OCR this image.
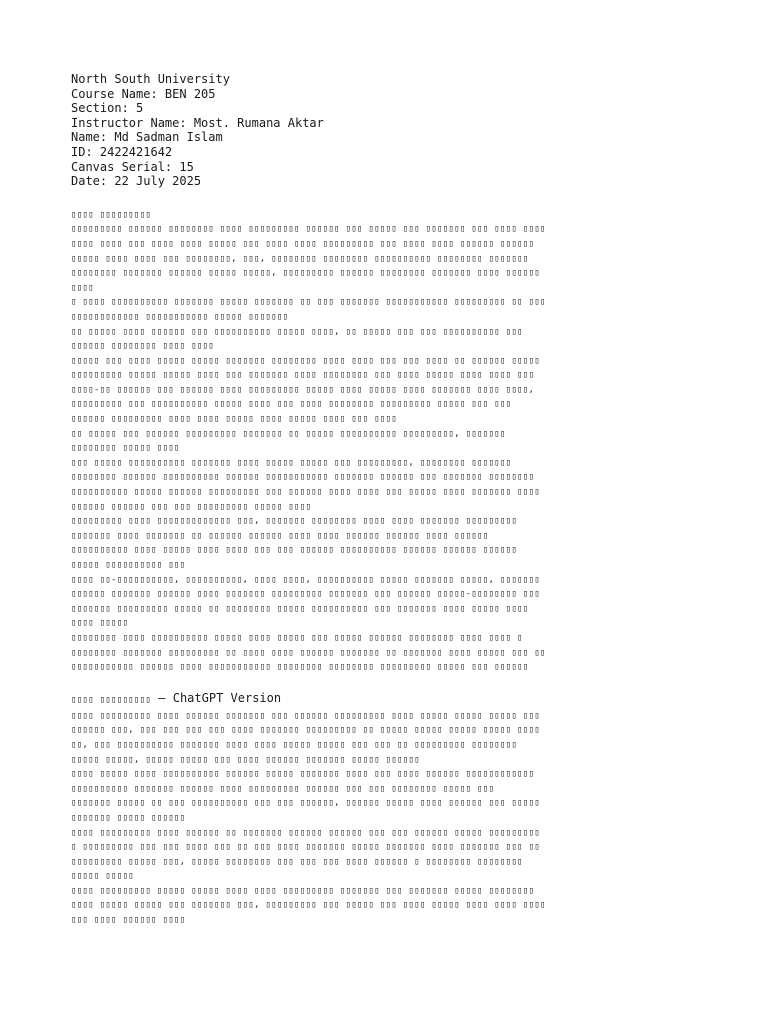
North South University
Course Name: BEN 205
Section: 5
Instructor Name: Most. Rumana Aktar
Name: Md Sadman Islam
ID: 2422421642
Canvas Serial: 15
Date: 22 July 2025
▯▯▯▯ ▯▯▯▯▯▯▯▯▯
▯▯▯▯▯▯▯▯▯ ▯▯▯▯▯▯ ▯▯▯▯▯▯▯▯ ▯▯▯▯ ▯▯▯▯▯▯▯▯▯ ▯▯▯▯▯▯ ▯▯▯ ▯▯▯▯▯ ▯▯▯ ▯▯▯▯▯▯▯ ▯▯▯ ▯▯▯▯ ▯▯▯▯
▯▯▯▯ ▯▯▯▯ ▯▯▯ ▯▯▯▯ ▯▯▯▯ ▯▯▯▯▯ ▯▯▯ ▯▯▯▯ ▯▯▯▯ ▯▯▯▯▯▯▯▯▯ ▯▯▯ ▯▯▯▯ ▯▯▯▯ ▯▯▯▯▯▯ ▯▯▯▯▯▯
▯▯▯▯▯ ▯▯▯▯ ▯▯▯▯ ▯▯▯ ▯▯▯▯▯▯▯▯, ▯▯▯, ▯▯▯▯▯▯▯▯ ▯▯▯▯▯▯▯▯ ▯▯▯▯▯▯▯▯▯▯ ▯▯▯▯▯▯▯▯ ▯▯▯▯▯▯▯
▯▯▯▯▯▯▯▯ ▯▯▯▯▯▯▯ ▯▯▯▯▯▯ ▯▯▯▯▯ ▯▯▯▯▯, ▯▯▯▯▯▯▯▯▯ ▯▯▯▯▯▯ ▯▯▯▯▯▯▯▯ ▯▯▯▯▯▯▯ ▯▯▯▯ ▯▯▯▯▯▯
▯▯▯▯
▯ ▯▯▯▯ ▯▯▯▯▯▯▯▯▯▯ ▯▯▯▯▯▯▯ ▯▯▯▯▯ ▯▯▯▯▯▯▯ ▯▯ ▯▯▯ ▯▯▯▯▯▯▯ ▯▯▯▯▯▯▯▯▯▯▯ ▯▯▯▯▯▯▯▯▯ ▯▯ ▯▯▯
▯▯▯▯▯▯▯▯▯▯▯▯ ▯▯▯▯▯▯▯▯▯▯▯ ▯▯▯▯▯ ▯▯▯▯▯▯▯
▯▯ ▯▯▯▯▯ ▯▯▯▯ ▯▯▯▯▯▯ ▯▯▯ ▯▯▯▯▯▯▯▯▯▯ ▯▯▯▯▯ ▯▯▯▯, ▯▯ ▯▯▯▯▯ ▯▯▯ ▯▯▯ ▯▯▯▯▯▯▯▯▯▯ ▯▯▯
▯▯▯▯▯▯ ▯▯▯▯▯▯▯▯ ▯▯▯▯ ▯▯▯▯
▯▯▯▯▯ ▯▯▯ ▯▯▯▯ ▯▯▯▯▯ ▯▯▯▯▯ ▯▯▯▯▯▯▯ ▯▯▯▯▯▯▯▯ ▯▯▯▯ ▯▯▯▯ ▯▯▯ ▯▯▯ ▯▯▯▯ ▯▯ ▯▯▯▯▯▯ ▯▯▯▯▯
▯▯▯▯▯▯▯▯▯ ▯▯▯▯▯ ▯▯▯▯▯ ▯▯▯▯ ▯▯▯ ▯▯▯▯▯▯▯ ▯▯▯▯ ▯▯▯▯▯▯▯▯ ▯▯▯ ▯▯▯▯ ▯▯▯▯▯ ▯▯▯▯ ▯▯▯▯ ▯▯▯
▯▯▯▯-▯▯ ▯▯▯▯▯▯ ▯▯▯ ▯▯▯▯▯▯ ▯▯▯▯ ▯▯▯▯▯▯▯▯▯ ▯▯▯▯▯ ▯▯▯▯ ▯▯▯▯▯ ▯▯▯▯ ▯▯▯▯▯▯▯ ▯▯▯▯ ▯▯▯▯,
▯▯▯▯▯▯▯▯▯ ▯▯▯ ▯▯▯▯▯▯▯▯▯▯ ▯▯▯▯▯ ▯▯▯▯ ▯▯▯ ▯▯▯▯ ▯▯▯▯▯▯▯▯ ▯▯▯▯▯▯▯▯▯ ▯▯▯▯▯ ▯▯▯ ▯▯▯
▯▯▯▯▯▯ ▯▯▯▯▯▯▯▯▯ ▯▯▯▯ ▯▯▯▯ ▯▯▯▯▯ ▯▯▯▯ ▯▯▯▯▯ ▯▯▯▯ ▯▯▯ ▯▯▯▯
▯▯ ▯▯▯▯▯ ▯▯▯ ▯▯▯▯▯▯ ▯▯▯▯▯▯▯▯▯ ▯▯▯▯▯▯▯ ▯▯ ▯▯▯▯▯ ▯▯▯▯▯▯▯▯▯▯ ▯▯▯▯▯▯▯▯▯, ▯▯▯▯▯▯▯
▯▯▯▯▯▯▯▯ ▯▯▯▯▯ ▯▯▯▯
▯▯▯ ▯▯▯▯▯ ▯▯▯▯▯▯▯▯▯▯ ▯▯▯▯▯▯▯ ▯▯▯▯ ▯▯▯▯▯ ▯▯▯▯▯ ▯▯▯ ▯▯▯▯▯▯▯▯▯, ▯▯▯▯▯▯▯▯ ▯▯▯▯▯▯▯
▯▯▯▯▯▯▯▯ ▯▯▯▯▯▯ ▯▯▯▯▯▯▯▯▯▯ ▯▯▯▯▯▯ ▯▯▯▯▯▯▯▯▯▯▯ ▯▯▯▯▯▯▯ ▯▯▯▯▯▯ ▯▯▯ ▯▯▯▯▯▯▯ ▯▯▯▯▯▯▯▯
▯▯▯▯▯▯▯▯▯▯ ▯▯▯▯▯ ▯▯▯▯▯▯ ▯▯▯▯▯▯▯▯▯ ▯▯▯ ▯▯▯▯▯▯ ▯▯▯▯ ▯▯▯▯ ▯▯▯ ▯▯▯▯▯ ▯▯▯▯ ▯▯▯▯▯▯▯ ▯▯▯▯
▯▯▯▯▯▯ ▯▯▯▯▯▯ ▯▯▯ ▯▯▯ ▯▯▯▯▯▯▯▯▯ ▯▯▯▯▯ ▯▯▯▯
▯▯▯▯▯▯▯▯▯ ▯▯▯▯ ▯▯▯▯▯▯▯▯▯▯▯▯▯ ▯▯▯, ▯▯▯▯▯▯▯ ▯▯▯▯▯▯▯▯ ▯▯▯▯ ▯▯▯▯ ▯▯▯▯▯▯▯ ▯▯▯▯▯▯▯▯▯
▯▯▯▯▯▯▯ ▯▯▯▯ ▯▯▯▯▯▯▯ ▯▯ ▯▯▯▯▯▯ ▯▯▯▯▯▯ ▯▯▯▯ ▯▯▯▯ ▯▯▯▯▯▯ ▯▯▯▯▯▯ ▯▯▯▯ ▯▯▯▯▯▯
▯▯▯▯▯▯▯▯▯▯ ▯▯▯▯ ▯▯▯▯▯ ▯▯▯▯ ▯▯▯▯ ▯▯▯ ▯▯▯ ▯▯▯▯▯▯ ▯▯▯▯▯▯▯▯▯▯ ▯▯▯▯▯▯ ▯▯▯▯▯▯ ▯▯▯▯▯▯
▯▯▯▯▯ ▯▯▯▯▯▯▯▯▯▯ ▯▯▯
▯▯▯▯ ▯▯-▯▯▯▯▯▯▯▯▯▯, ▯▯▯▯▯▯▯▯▯▯, ▯▯▯▯ ▯▯▯▯, ▯▯▯▯▯▯▯▯▯▯ ▯▯▯▯▯ ▯▯▯▯▯▯▯ ▯▯▯▯▯, ▯▯▯▯▯▯▯
▯▯▯▯▯▯ ▯▯▯▯▯▯▯ ▯▯▯▯▯▯ ▯▯▯▯ ▯▯▯▯▯▯▯ ▯▯▯▯▯▯▯▯▯ ▯▯▯▯▯▯▯ ▯▯▯ ▯▯▯▯▯▯ ▯▯▯▯▯-▯▯▯▯▯▯▯▯ ▯▯▯
▯▯▯▯▯▯▯ ▯▯▯▯▯▯▯▯▯ ▯▯▯▯▯ ▯▯ ▯▯▯▯▯▯▯▯ ▯▯▯▯▯ ▯▯▯▯▯▯▯▯▯▯ ▯▯▯ ▯▯▯▯▯▯▯ ▯▯▯▯ ▯▯▯▯▯ ▯▯▯▯
▯▯▯▯ ▯▯▯▯▯
▯▯▯▯▯▯▯▯ ▯▯▯▯ ▯▯▯▯▯▯▯▯▯▯ ▯▯▯▯▯ ▯▯▯▯ ▯▯▯▯▯ ▯▯▯ ▯▯▯▯▯ ▯▯▯▯▯▯ ▯▯▯▯▯▯▯▯ ▯▯▯▯ ▯▯▯▯ ▯
▯▯▯▯▯▯▯▯ ▯▯▯▯▯▯▯ ▯▯▯▯▯▯▯▯▯ ▯▯ ▯▯▯▯ ▯▯▯▯ ▯▯▯▯▯▯ ▯▯▯▯▯▯▯ ▯▯ ▯▯▯▯▯▯▯ ▯▯▯▯ ▯▯▯▯▯ ▯▯▯ ▯▯
▯▯▯▯▯▯▯▯▯▯▯ ▯▯▯▯▯▯ ▯▯▯▯ ▯▯▯▯▯▯▯▯▯▯▯ ▯▯▯▯▯▯▯▯ ▯▯▯▯▯▯▯▯ ▯▯▯▯▯▯▯▯▯ ▯▯▯▯▯ ▯▯▯ ▯▯▯▯▯▯
▯▯▯▯ ▯▯▯▯▯▯▯▯▯ – ChatGPT Version
▯▯▯▯ ▯▯▯▯▯▯▯▯▯ ▯▯▯▯ ▯▯▯▯▯▯ ▯▯▯▯▯▯▯ ▯▯▯ ▯▯▯▯▯▯ ▯▯▯▯▯▯▯▯▯ ▯▯▯▯ ▯▯▯▯▯ ▯▯▯▯▯ ▯▯▯▯▯ ▯▯▯
▯▯▯▯▯▯ ▯▯▯, ▯▯▯ ▯▯▯ ▯▯▯ ▯▯▯ ▯▯▯▯ ▯▯▯▯▯▯▯ ▯▯▯▯▯▯▯▯▯ ▯▯ ▯▯▯▯▯ ▯▯▯▯▯ ▯▯▯▯▯ ▯▯▯▯▯ ▯▯▯▯
▯▯, ▯▯▯ ▯▯▯▯▯▯▯▯▯▯ ▯▯▯▯▯▯▯ ▯▯▯▯ ▯▯▯▯ ▯▯▯▯▯ ▯▯▯▯▯ ▯▯▯ ▯▯▯ ▯▯ ▯▯▯▯▯▯▯▯▯ ▯▯▯▯▯▯▯▯
▯▯▯▯▯ ▯▯▯▯▯, ▯▯▯▯▯ ▯▯▯▯▯ ▯▯▯ ▯▯▯▯ ▯▯▯▯▯▯ ▯▯▯▯▯▯▯ ▯▯▯▯▯ ▯▯▯▯▯▯
▯▯▯▯ ▯▯▯▯▯ ▯▯▯▯ ▯▯▯▯▯▯▯▯▯▯ ▯▯▯▯▯▯ ▯▯▯▯▯ ▯▯▯▯▯▯▯ ▯▯▯▯ ▯▯▯ ▯▯▯▯ ▯▯▯▯▯▯ ▯▯▯▯▯▯▯▯▯▯▯▯
▯▯▯▯▯▯▯▯▯▯ ▯▯▯▯▯▯▯ ▯▯▯▯▯▯ ▯▯▯▯ ▯▯▯▯▯▯▯▯▯ ▯▯▯▯▯▯ ▯▯▯ ▯▯▯ ▯▯▯▯▯▯▯▯ ▯▯▯▯▯ ▯▯▯
▯▯▯▯▯▯▯ ▯▯▯▯▯ ▯▯ ▯▯▯ ▯▯▯▯▯▯▯▯▯▯ ▯▯▯ ▯▯▯ ▯▯▯▯▯▯, ▯▯▯▯▯▯ ▯▯▯▯▯ ▯▯▯▯ ▯▯▯▯▯▯ ▯▯▯ ▯▯▯▯▯
▯▯▯▯▯▯▯ ▯▯▯▯▯ ▯▯▯▯▯▯
▯▯▯▯ ▯▯▯▯▯▯▯▯▯ ▯▯▯▯ ▯▯▯▯▯▯ ▯▯ ▯▯▯▯▯▯▯ ▯▯▯▯▯▯ ▯▯▯▯▯▯ ▯▯▯ ▯▯▯ ▯▯▯▯▯▯ ▯▯▯▯▯ ▯▯▯▯▯▯▯▯▯
▯ ▯▯▯▯▯▯▯▯▯ ▯▯▯ ▯▯▯ ▯▯▯▯ ▯▯▯ ▯▯ ▯▯▯ ▯▯▯▯ ▯▯▯▯▯▯▯ ▯▯▯▯▯ ▯▯▯▯▯▯▯ ▯▯▯▯ ▯▯▯▯▯▯▯ ▯▯▯ ▯▯
▯▯▯▯▯▯▯▯▯ ▯▯▯▯▯ ▯▯▯, ▯▯▯▯▯ ▯▯▯▯▯▯▯▯ ▯▯▯ ▯▯▯ ▯▯▯ ▯▯▯▯ ▯▯▯▯▯▯ ▯ ▯▯▯▯▯▯▯▯ ▯▯▯▯▯▯▯▯
▯▯▯▯▯ ▯▯▯▯▯
▯▯▯▯ ▯▯▯▯▯▯▯▯▯ ▯▯▯▯▯ ▯▯▯▯▯ ▯▯▯▯ ▯▯▯▯ ▯▯▯▯▯▯▯▯▯ ▯▯▯▯▯▯▯ ▯▯▯ ▯▯▯▯▯▯▯ ▯▯▯▯▯ ▯▯▯▯▯▯▯▯
▯▯▯▯ ▯▯▯▯▯ ▯▯▯▯▯ ▯▯▯ ▯▯▯▯▯▯▯ ▯▯▯, ▯▯▯▯▯▯▯▯▯ ▯▯▯ ▯▯▯▯▯ ▯▯▯ ▯▯▯▯ ▯▯▯▯▯ ▯▯▯▯ ▯▯▯▯ ▯▯▯▯
▯▯▯ ▯▯▯▯ ▯▯▯▯▯▯ ▯▯▯▯
